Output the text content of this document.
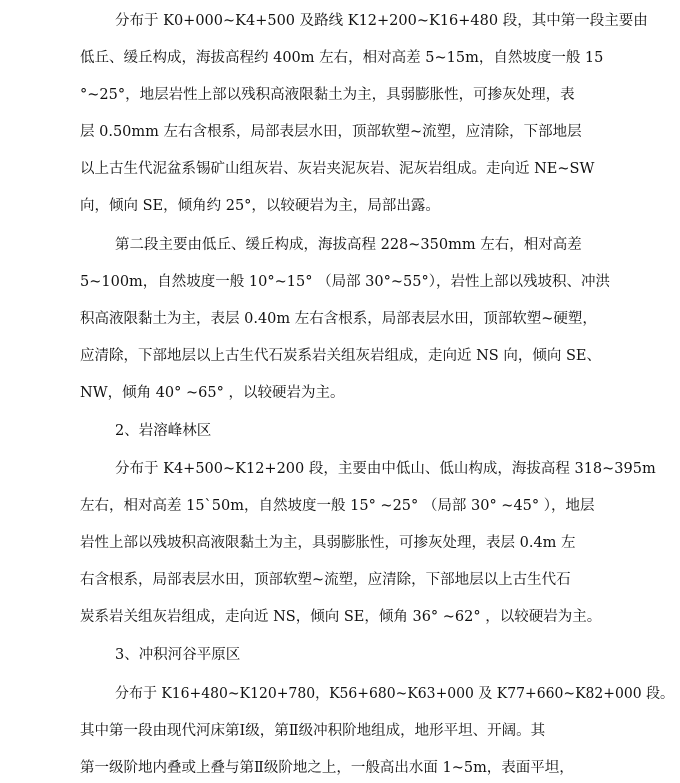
分布于 K0+000~K4+500 及路线 K12+200~K16+480 段，其中第一段主要由
低丘、缓丘构成，海拔高程约 400m 左右，相对高差 5~15m，自然坡度一般 15
°~25°，地层岩性上部以残积高液限黏土为主，具弱膨胀性，可掺灰处理，表
层 0.50mm 左右含根系，局部表层水田，顶部软塑~流塑，应清除，下部地层
以上古生代泥盆系锡矿山组灰岩、灰岩夹泥灰岩、泥灰岩组成。走向近 NE~SW
向，倾向 SE，倾角约 25°，以较硬岩为主，局部出露。
第二段主要由低丘、缓丘构成，海拔高程 228~350mm 左右，相对高差
5~100m，自然坡度一般 10°~15° （局部 30°~55°），岩性上部以残坡积、冲洪
积高液限黏土为主，表层 0.40m 左右含根系，局部表层水田，顶部软塑~硬塑，
应清除，下部地层以上古生代石炭系岩关组灰岩组成，走向近 NS 向，倾向 SE、
NW，倾角 40° ~65° ，以较硬岩为主。
2、岩溶峰林区
分布于 K4+500~K12+200 段，主要由中低山、低山构成，海拔高程 318~395m
左右，相对高差 15`50m，自然坡度一般 15° ~25° （局部 30° ~45° ），地层
岩性上部以残坡积高液限黏土为主，具弱膨胀性，可掺灰处理，表层 0.4m 左
右含根系，局部表层水田，顶部软塑~流塑，应清除，下部地层以上古生代石
炭系岩关组灰岩组成，走向近 NS，倾向 SE，倾角 36° ~62° ，以较硬岩为主。
3、冲积河谷平原区
分布于 K16+480~K120+780，K56+680~K63+000 及 K77+660~K82+000 段。
其中第一段由现代河床第Ⅰ级，第Ⅱ级冲积阶地组成，地形平坦、开阔。其
第一级阶地内叠或上叠与第Ⅱ级阶地之上，一般高出水面 1~5m，表面平坦，
